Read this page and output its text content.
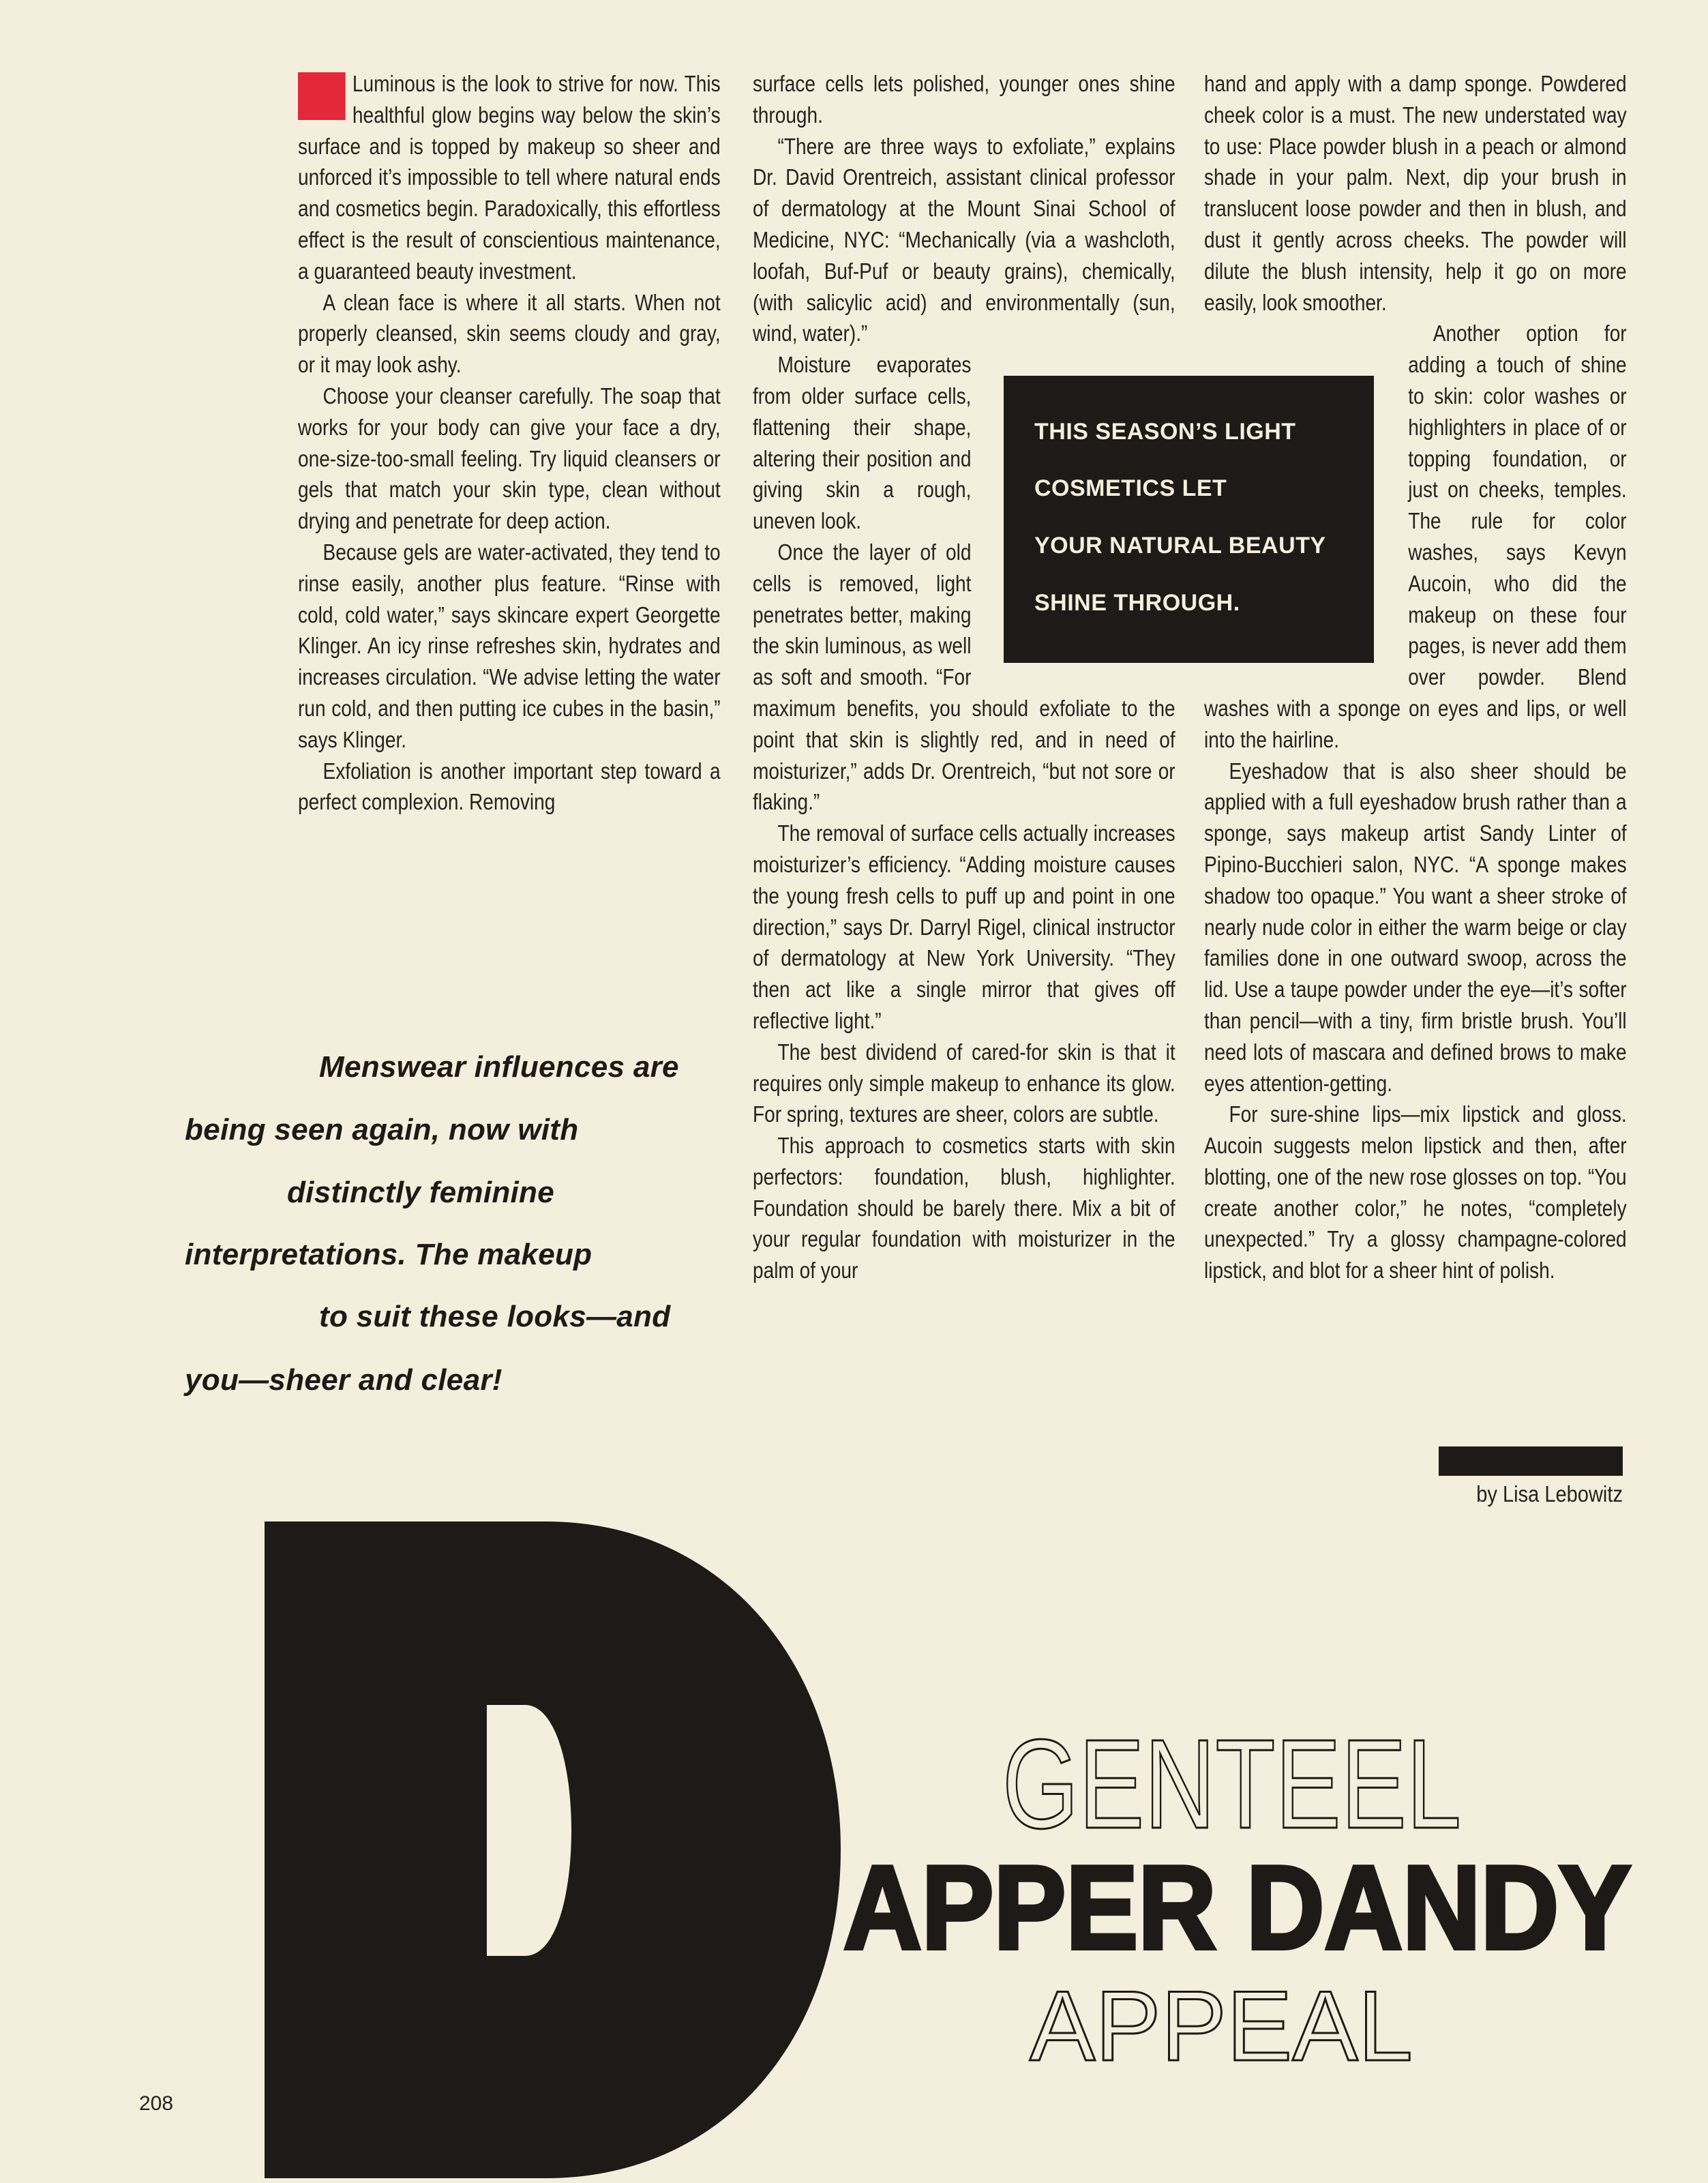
Luminous is the look to strive for now. This healthful glow begins way below the skin’s surface and is topped by makeup so sheer and unforced it’s impossible to tell where natural ends and cosmetics begin. Paradoxically, this effortless effect is the result of conscientious maintenance, a guaranteed beauty investment.

A clean face is where it all starts. When not properly cleansed, skin seems cloudy and gray, or it may look ashy.

Choose your cleanser carefully. The soap that works for your body can give your face a dry, one-size-too-small feeling. Try liquid cleansers or gels that match your skin type, clean without drying and penetrate for deep action.

Because gels are water-activated, they tend to rinse easily, another plus feature. “Rinse with cold, cold water,” says skincare expert Georgette Klinger. An icy rinse refreshes skin, hydrates and increases circulation. “We advise letting the water run cold, and then putting ice cubes in the basin,” says Klinger.

Exfoliation is another important step toward a perfect complexion. Removing

surface cells lets polished, younger ones shine through.

“There are three ways to exfoliate,” explains Dr. David Orentreich, assistant clinical professor of dermatology at the Mount Sinai School of Medicine, NYC: “Mechanically (via a washcloth, loofah, Buf-Puf or beauty grains), chemically, (with salicylic acid) and environmentally (sun, wind, water).”

Moisture evaporates from older surface cells, flattening their shape, altering their position and giving skin a rough, uneven look.

Once the layer of old cells is removed, light penetrates better, making the skin luminous, as well as soft and smooth. “For maximum benefits, you should exfoliate to the point that skin is slightly red, and in need of moisturizer,” adds Dr. Orentreich, “but not sore or flaking.”

The removal of surface cells actually increases moisturizer’s efficiency. “Adding moisture causes the young fresh cells to puff up and point in one direction,” says Dr. Darryl Rigel, clinical instructor of dermatology at New York University. “They then act like a single mirror that gives off reflective light.”

The best dividend of cared-for skin is that it requires only simple makeup to enhance its glow. For spring, textures are sheer, colors are subtle.

This approach to cosmetics starts with skin perfectors: foundation, blush, highlighter. Foundation should be barely there. Mix a bit of your regular foundation with moisturizer in the palm of your

hand and apply with a damp sponge. Powdered cheek color is a must. The new understated way to use: Place powder blush in a peach or almond shade in your palm. Next, dip your brush in translucent loose powder and then in blush, and dust it gently across cheeks. The powder will dilute the blush intensity, help it go on more easily, look smoother.

Another option for adding a touch of shine to skin: color washes or highlighters in place of or topping foundation, or just on cheeks, temples. The rule for color washes, says Kevyn Aucoin, who did the makeup on these four pages, is never add them over powder. Blend washes with a sponge on eyes and lips, or well into the hairline.

Eyeshadow that is also sheer should be applied with a full eyeshadow brush rather than a sponge, says makeup artist Sandy Linter of Pipino-Bucchieri salon, NYC. “A sponge makes shadow too opaque.” You want a sheer stroke of nearly nude color in either the warm beige or clay families done in one outward swoop, across the lid. Use a taupe powder under the eye—it’s softer than pencil—with a tiny, firm bristle brush. You’ll need lots of mascara and defined brows to make eyes attention-getting.

For sure-shine lips—mix lipstick and gloss. Aucoin suggests melon lipstick and then, after blotting, one of the new rose glosses on top. “You create another color,” he notes, “completely unexpected.” Try a glossy champagne-colored lipstick, and blot for a sheer hint of polish.

THIS SEASON’S LIGHT
COSMETICS LET
YOUR NATURAL BEAUTY
SHINE THROUGH.
Menswear influences are
being seen again, now with
distinctly feminine
interpretations. The makeup
to suit these looks—and
you—sheer and clear!
by Lisa Lebowitz
GENTEEL
APPER DANDY
APPEAL
208
